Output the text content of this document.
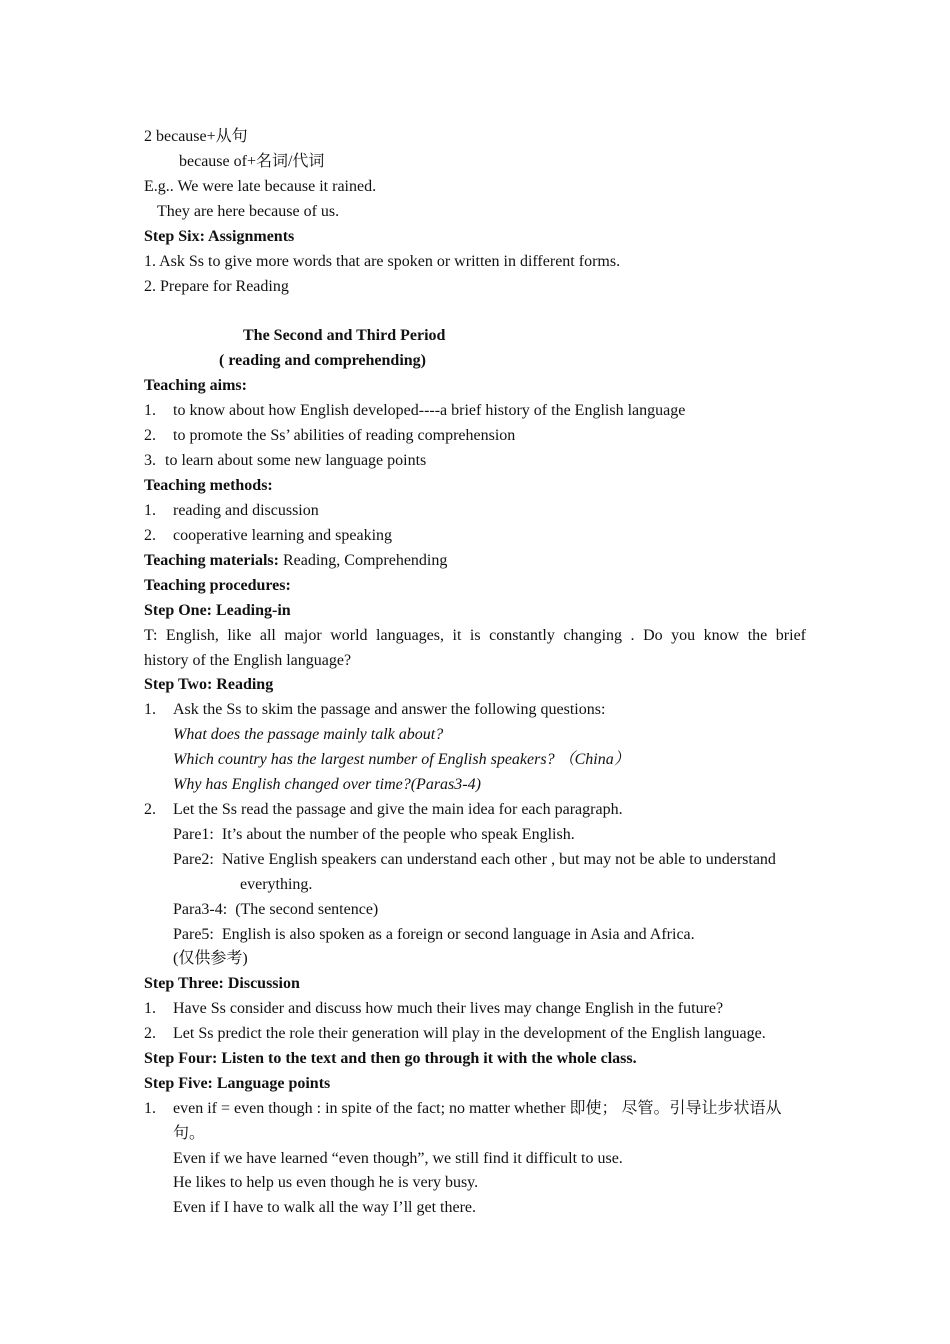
2 because+从句
because of+名词/代词
E.g.. We were late because it rained.
They are here because of us.
Step Six: Assignments
1. Ask Ss to give more words that are spoken or written in different forms.
2. Prepare for Reading
The Second and Third Period
( reading and comprehending)
Teaching aims:
1. to know about how English developed----a brief history of the English language
2. to promote the Ss’ abilities of reading comprehension
3. to learn about some new language points
Teaching methods:
1. reading and discussion
2. cooperative learning and speaking
Teaching materials: Reading, Comprehending
Teaching procedures:
Step One: Leading-in
T: English, like all major world languages, it is constantly changing . Do you know the brief
history of the English language?
Step Two: Reading
1. Ask the Ss to skim the passage and answer the following questions:
What does the passage mainly talk about?
Which country has the largest number of English speakers? （China）
Why has English changed over time?(Paras3-4)
2. Let the Ss read the passage and give the main idea for each paragraph.
Pare1: It’s about the number of the people who speak English.
Pare2: Native English speakers can understand each other , but may not be able to understand
everything.
Para3-4: (The second sentence)
Pare5: English is also spoken as a foreign or second language in Asia and Africa.
(仅供参考)
Step Three: Discussion
1. Have Ss consider and discuss how much their lives may change English in the future?
2. Let Ss predict the role their generation will play in the development of the English language.
Step Four: Listen to the text and then go through it with the whole class.
Step Five: Language points
1. even if = even though : in spite of the fact; no matter whether 即使； 尽管。引导让步状语从
句。
Even if we have learned “even though”, we still find it difficult to use.
He likes to help us even though he is very busy.
Even if I have to walk all the way I’ll get there.
